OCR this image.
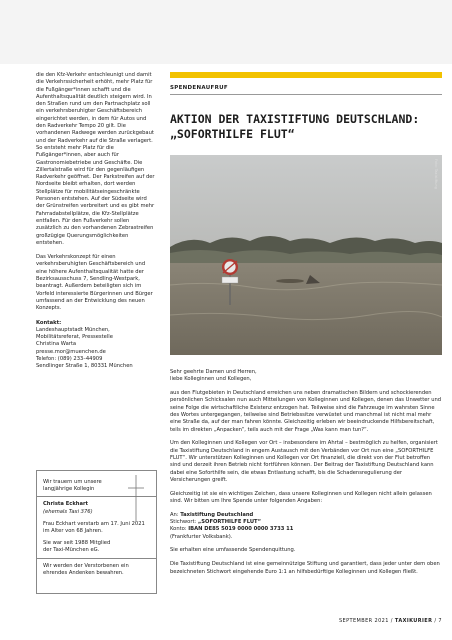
die den Kfz-Verkehr entschleunigt und damit die Verkehrssicherheit erhöht, mehr Platz für die Fußgänger*innen schafft und die Aufenthaltsqualität deutlich steigern wird. In den Straßen rund um den Partnachplatz soll ein verkehrsberuhigter Geschäftsbereich eingerichtet werden, in dem für Autos und den Radverkehr Tempo 20 gilt. Die vorhandenen Radwege werden zurückgebaut und der Radverkehr auf die Straße verlagert. So entsteht mehr Platz für die Fußgänger*innen, aber auch für Gastronomiebetriebe und Geschäfte. Die Zillertalstraße wird für den gegenläufigen Radverkehr geöffnet. Der Parkstreifen auf der Nordseite bleibt erhalten, dort werden Stellplätze für mobilitätseingeschränkte Personen entstehen. Auf der Südseite wird der Grünstreifen verbreitert und es gibt mehr Fahrradabstellplätze, die Kfz-Stellplätze entfallen. Für den Fußverkehr sollen zusätzlich zu den vorhandenen Zebrastreifen großzügige Querungsmöglichkeiten entstehen.

Das Verkehrskonzept für einen verkehrsberuhigten Geschäftsbereich und eine höhere Aufenthaltsqualität hatte der Bezirksausschuss 7, Sendling-Westpark, beantragt. Außerdem beteiligten sich im Vorfeld interessierte Bürgerinnen und Bürger umfassend an der Entwicklung des neuen Konzepts.

Kontakt:
Landeshauptstadt München,
Mobilitätsreferat, Pressestelle
Christina Warta
presse.mor@muenchen.de
Telefon: (089) 233–44909
Sendlinger Straße 1, 80331 München

Wir trauern um unsere

langjährige Kollegin

Christa Eckhart

(ehemals Taxi 376)

Frau Eckhart verstarb am 17. Juni 2021

im Alter von 68 Jahren.

Sie war seit 1988 Mitglied

der Taxi-München eG.

Wir werden der Verstorbenen ein

ehrendes Andenken bewahren.

SPENDENAUFRUF
AKTION DER TAXISTIFTUNG DEUTSCHLAND:
„SOFORTHILFE FLUT“
Foto: Taxistiftung

Sehr geehrte Damen und Herren,
liebe Kolleginnen und Kollegen,

aus den Flutgebieten in Deutschland erreichen uns neben dramatischen Bildern und schockierenden persönlichen Schicksalen nun auch Mitteilungen von Kolleginnen und Kollegen, denen das Unwetter und seine Folge die wirtschaftliche Existenz entzogen hat. Teilweise sind die Fahrzeuge im wahrsten Sinne des Wortes untergegangen, teilweise sind Betriebssitze verwüstet und manchmal ist nicht mal mehr eine Straße da, auf der man fahren könnte. Gleichzeitig erleben wir beeindruckende Hilfsbereitschaft, teils im direkten „Anpacken“, teils auch mit der Frage „Was kann man tun?“.

Um den Kolleginnen und Kollegen vor Ort – insbesondere im Ahrtal – bestmöglich zu helfen, organisiert die Taxistiftung Deutschland in engem Austausch mit den Verbänden vor Ort nun eine „SOFORTHILFE FLUT“. Wir unterstützen Kolleginnen und Kollegen vor Ort finanziell, die direkt von der Flut betroffen sind und derzeit ihren Betrieb nicht fortführen können. Der Beitrag der Taxistiftung Deutschland kann dabei eine Soforthilfe sein, die etwas Entlastung schafft, bis die Schadensregulierung der Versicherungen greift.

Gleichzeitig ist sie ein wichtiges Zeichen, dass unsere Kolleginnen und Kollegen nicht allein gelassen sind. Wir bitten um Ihre Spende unter folgenden Angaben:

An: Taxistiftung Deutschland
Stichwort: „SOFORTHILFE FLUT“
Konto: IBAN DE85 5019 0000 0000 3733 11
(Frankfurter Volksbank).

Sie erhalten eine umfassende Spendenquittung.

Die Taxistiftung Deutschland ist eine gemeinnützige Stiftung und garantiert, dass jeder unter dem oben bezeichneten Stichwort eingehende Euro 1:1 an hilfsbedürftige Kolleginnen und Kollegen fließt.

SEPTEMBER 2021 / TAXIKURIER / 7
